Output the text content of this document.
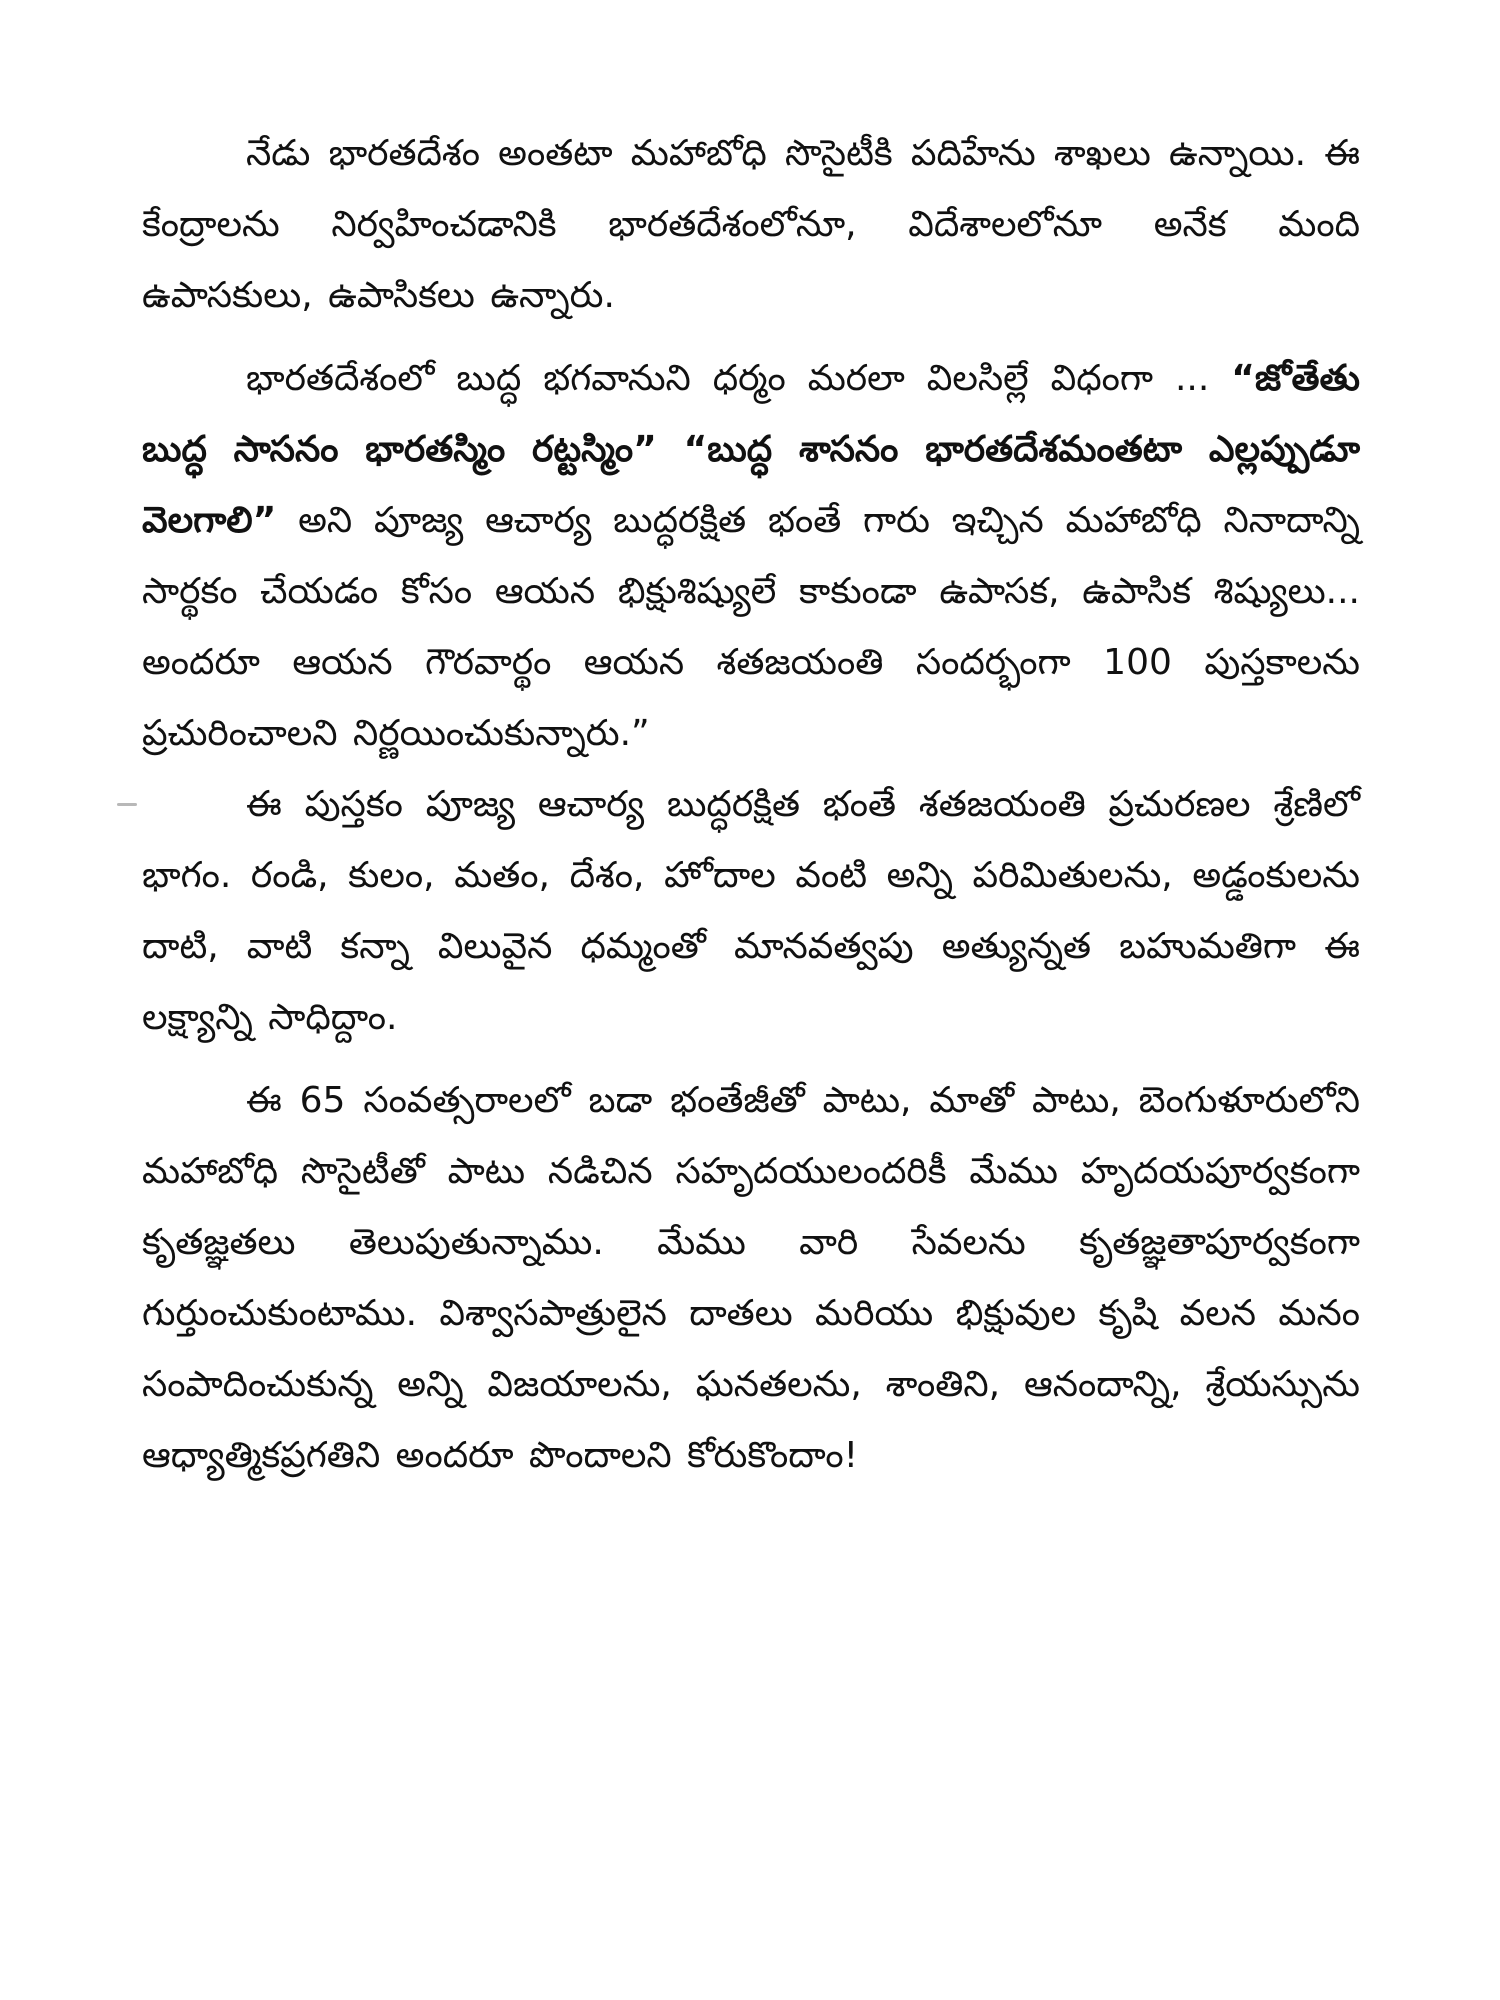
నేడు భారతదేశం అంతటా మహాబోధి సొసైటీకి పదిహేను శాఖలు ఉన్నాయి. ఈ కేంద్రాలను నిర్వహించడానికి భారతదేశంలోనూ, విదేశాలలోనూ అనేక మంది ఉపాసకులు, ఉపాసికలు ఉన్నారు.

భారతదేశంలో బుద్ధ భగవానుని ధర్మం మరలా విలసిల్లే విధంగా ... “జోతేతు బుద్ధ సాసనం భారతస్మిం రట్టస్మిం” “బుద్ధ శాసనం భారతదేశమంతటా ఎల్లప్పుడూ వెలగాలి” అని పూజ్య ఆచార్య బుద్ధరక్షిత భంతే గారు ఇచ్చిన మహాబోధి నినాదాన్ని సార్థకం చేయడం కోసం ఆయన భిక్షుశిష్యులే కాకుండా ఉపాసక, ఉపాసిక శిష్యులు... అందరూ ఆయన గౌరవార్థం ఆయన శతజయంతి సందర్భంగా 100 పుస్తకాలను ప్రచురించాలని నిర్ణయించుకున్నారు.”

ఈ పుస్తకం పూజ్య ఆచార్య బుద్ధరక్షిత భంతే శతజయంతి ప్రచురణల శ్రేణిలో భాగం. రండి, కులం, మతం, దేశం, హోదాల వంటి అన్ని పరిమితులను, అడ్డంకులను దాటి, వాటి కన్నా విలువైన ధమ్మంతో మానవత్వపు అత్యున్నత బహుమతిగా ఈ లక్ష్యాన్ని సాధిద్దాం.

ఈ 65 సంవత్సరాలలో బడా భంతేజీతో పాటు, మాతో పాటు, బెంగుళూరులోని మహాబోధి సొసైటీతో పాటు నడిచిన సహృదయులందరికీ మేము హృదయపూర్వకంగా కృతజ్ఞతలు తెలుపుతున్నాము. మేము వారి సేవలను కృతజ్ఞతాపూర్వకంగా గుర్తుంచుకుంటాము. విశ్వాసపాత్రులైన దాతలు మరియు భిక్షువుల కృషి వలన మనం సంపాదించుకున్న అన్ని విజయాలను, ఘనతలను, శాంతిని, ఆనందాన్ని, శ్రేయస్సును ఆధ్యాత్మికప్రగతిని అందరూ పొందాలని కోరుకొందాం!
